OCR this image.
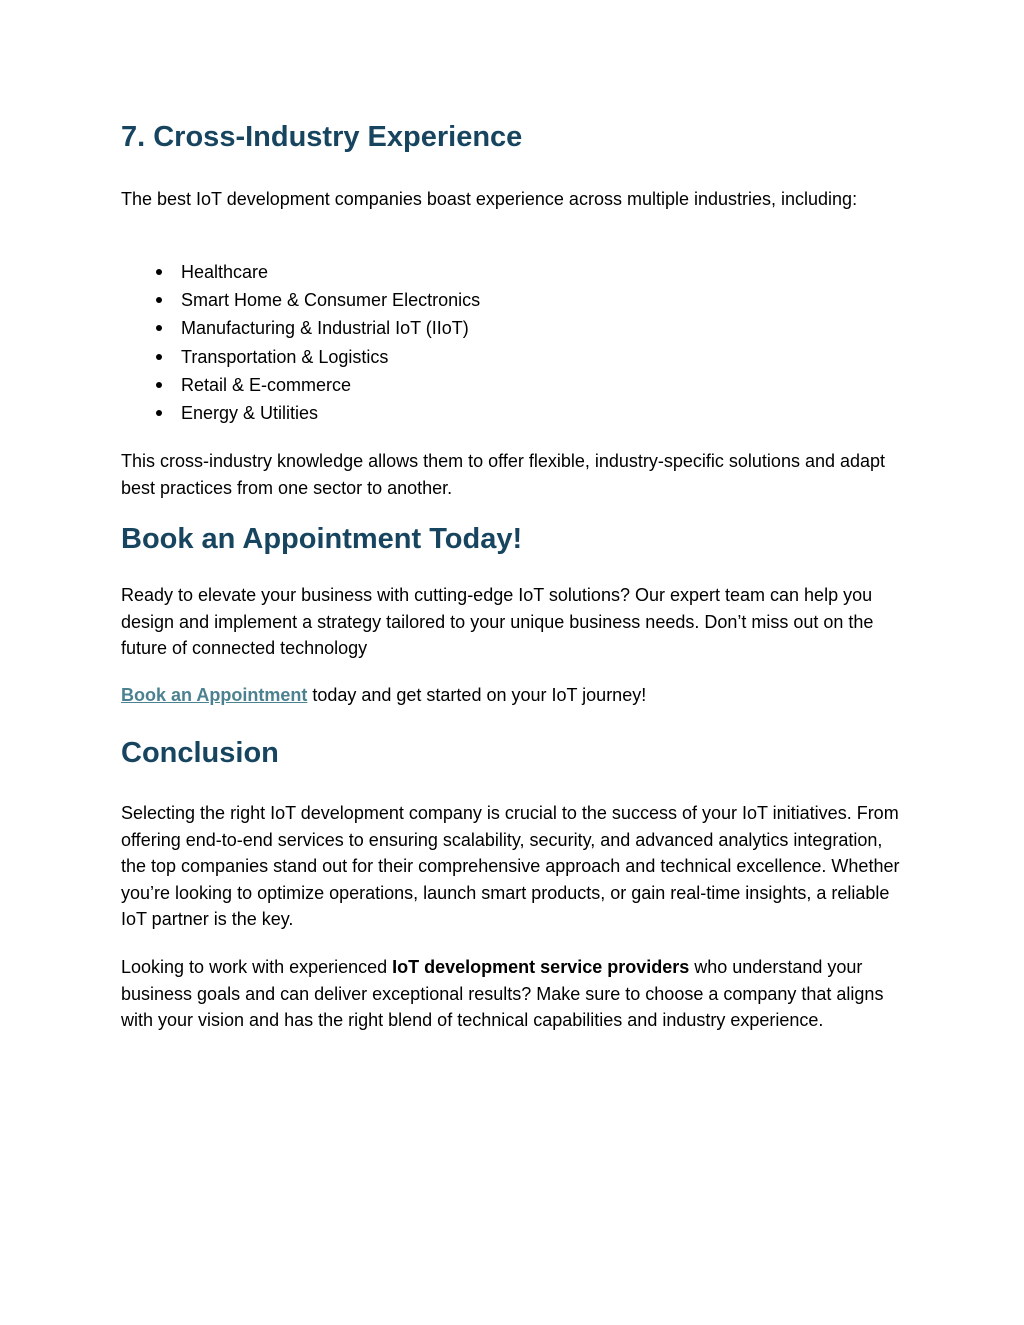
7. Cross-Industry Experience

The best IoT development companies boast experience across multiple industries, including:

Healthcare
Smart Home & Consumer Electronics
Manufacturing & Industrial IoT (IIoT)
Transportation & Logistics
Retail & E-commerce
Energy & Utilities

This cross-industry knowledge allows them to offer flexible, industry-specific solutions and adapt best practices from one sector to another.

Book an Appointment Today!

Ready to elevate your business with cutting-edge IoT solutions? Our expert team can help you design and implement a strategy tailored to your unique business needs. Don’t miss out on the future of connected technology

Book an Appointment today and get started on your IoT journey!

Conclusion

Selecting the right IoT development company is crucial to the success of your IoT initiatives. From offering end-to-end services to ensuring scalability, security, and advanced analytics integration, the top companies stand out for their comprehensive approach and technical excellence. Whether you’re looking to optimize operations, launch smart products, or gain real-time insights, a reliable IoT partner is the key.

Looking to work with experienced IoT development service providers who understand your business goals and can deliver exceptional results? Make sure to choose a company that aligns with your vision and has the right blend of technical capabilities and industry experience.
